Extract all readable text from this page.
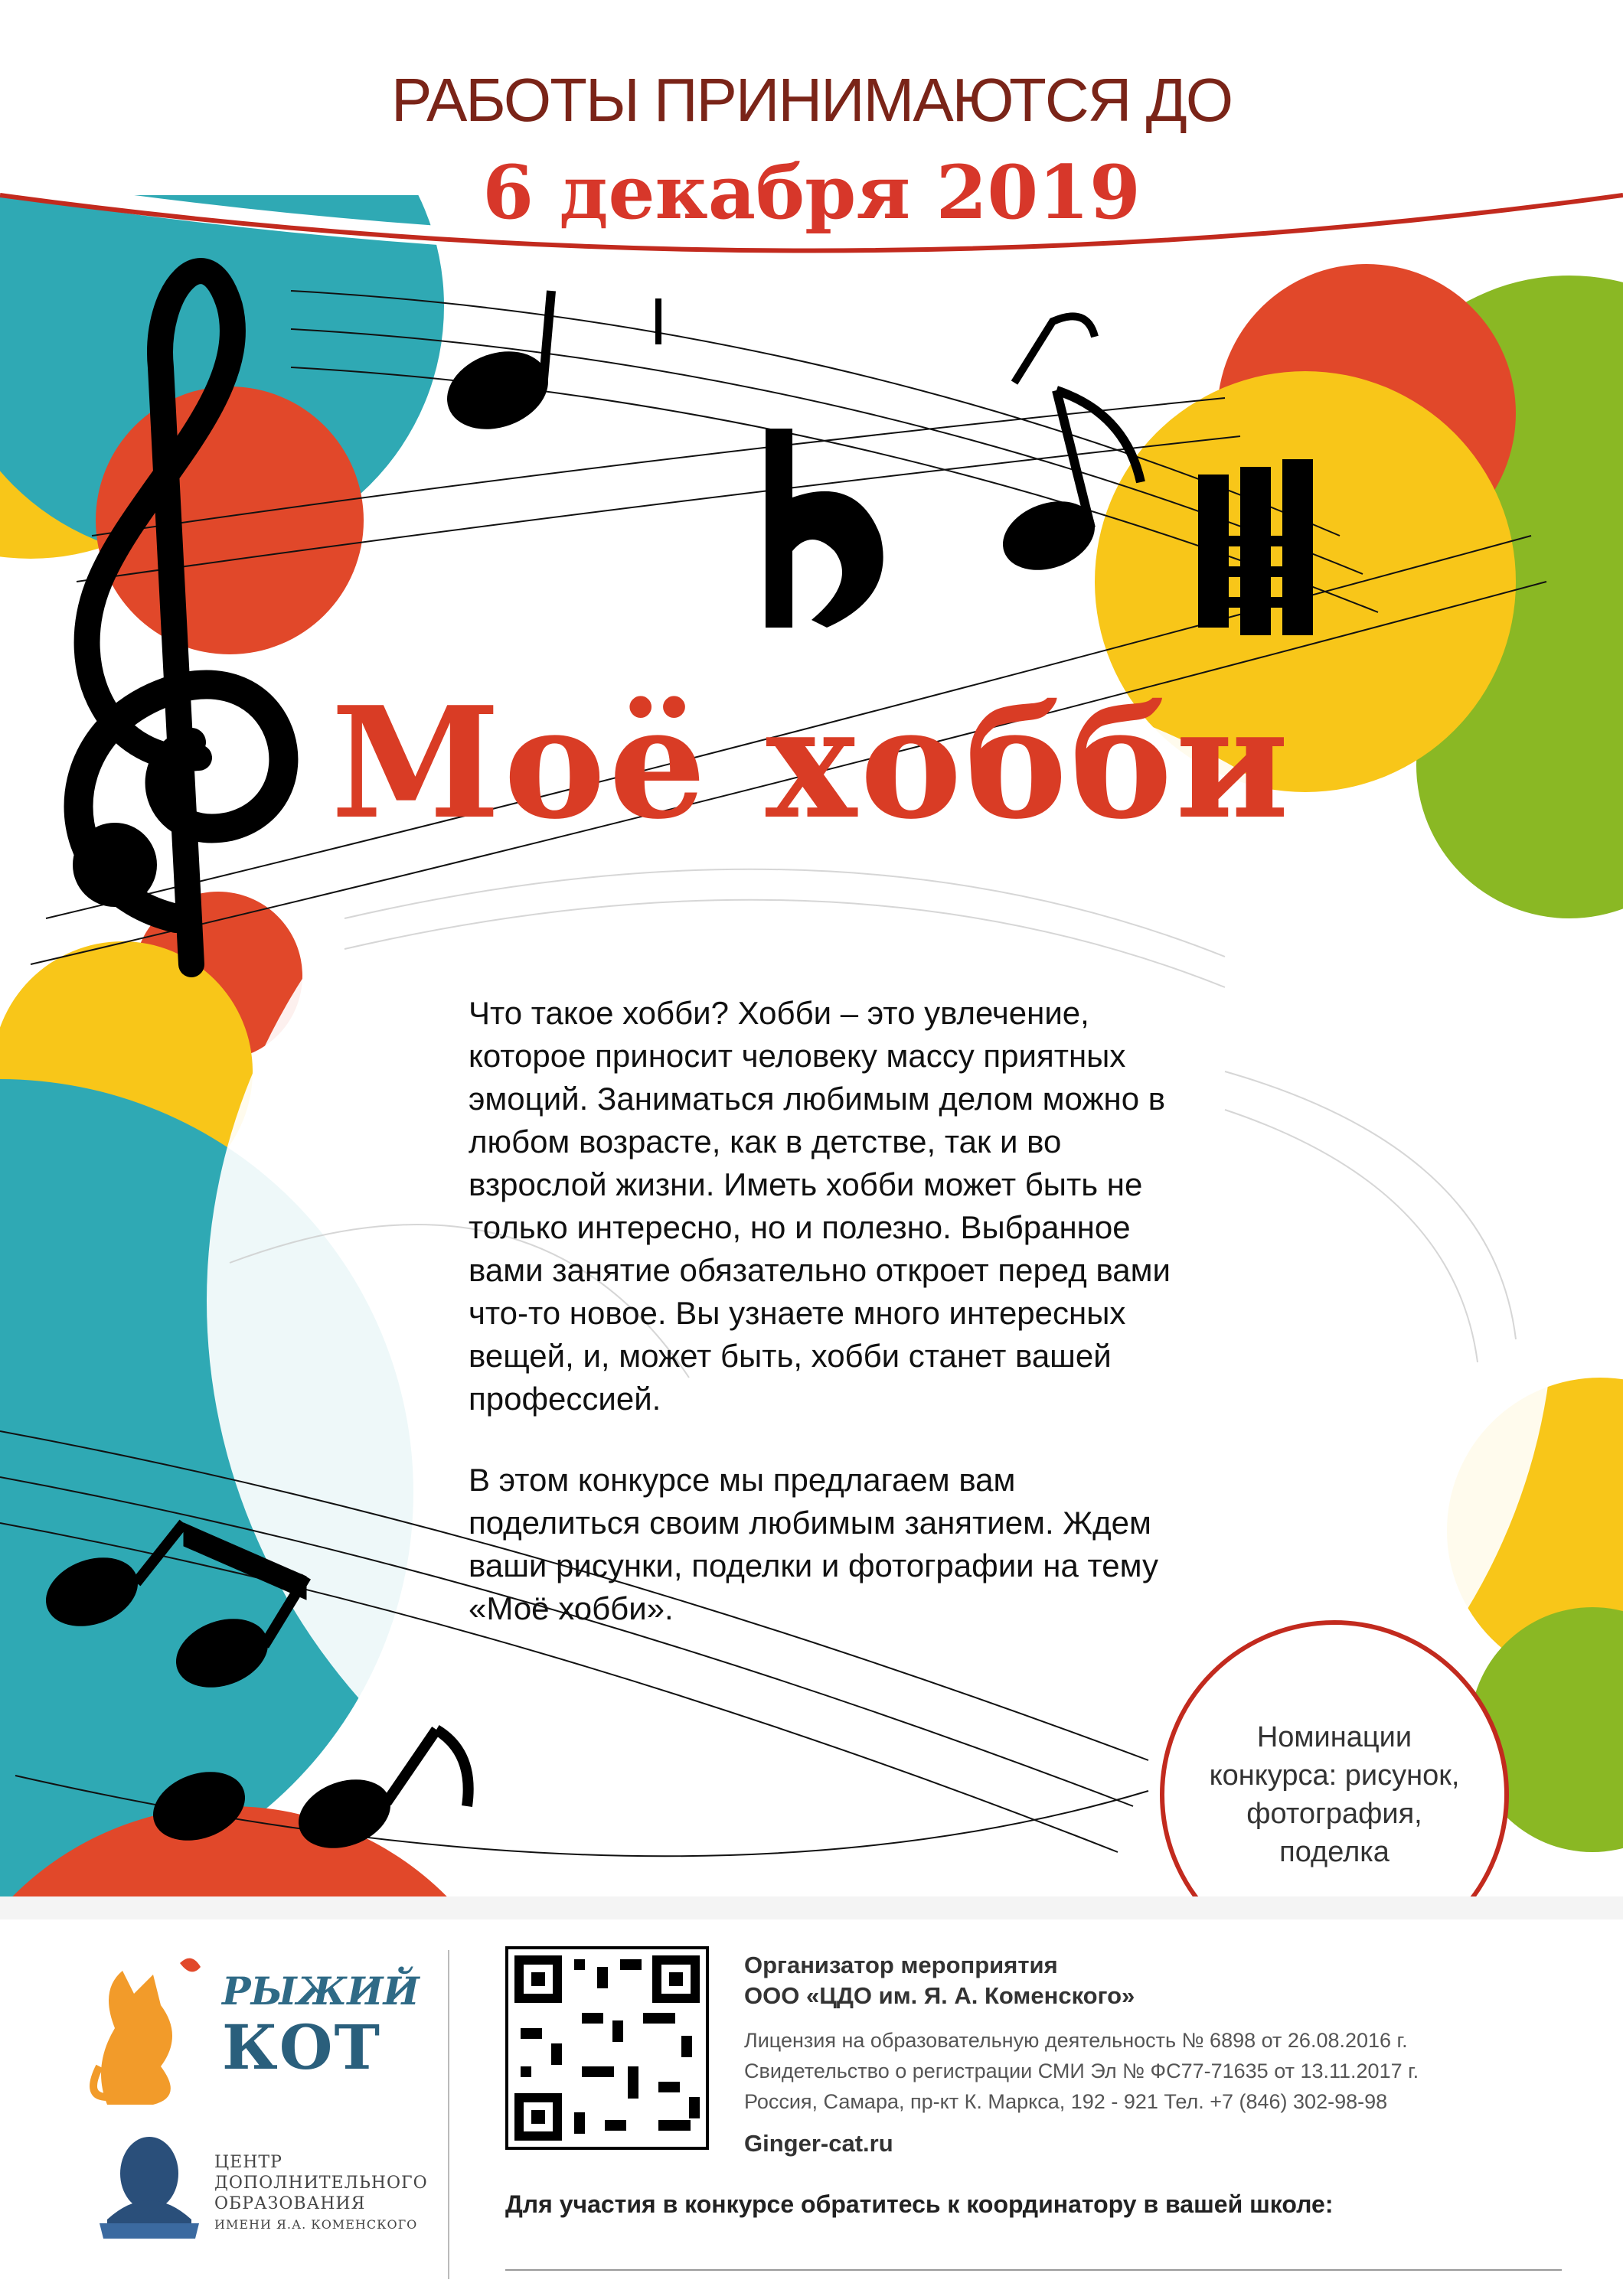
РАБОТЫ ПРИНИМАЮТСЯ ДО
6 декабря 2019
Моё хобби
Что такое хобби? Хобби – это увлечение,
которое приносит человеку массу приятных
эмоций. Заниматься любимым делом можно в
любом возрасте, как в детстве, так и во
взрослой жизни. Иметь хобби может быть не
только интересно, но и полезно. Выбранное
вами занятие обязательно откроет перед вами
что-то новое. Вы узнаете много интересных
вещей, и, может быть, хобби станет вашей
профессией.
В этом конкурсе мы предлагаем вам
поделиться своим любимым занятием. Ждем
ваши рисунки, поделки и фотографии на тему
«Моё хобби».
Номинации
конкурса: рисунок,
фотография,
поделка
РЫЖИЙ
КОТ
ЦЕНТР
ДОПОЛНИТЕЛЬНОГО
ОБРАЗОВАНИЯ
ИМЕНИ Я.А. КОМЕНСКОГО
Организатор мероприятия
ООО «ЦДО им. Я. А. Коменского»
Лицензия на образовательную деятельность № 6898 от 26.08.2016 г.
Свидетельство о регистрации СМИ Эл № ФС77-71635 от 13.11.2017 г.
Россия, Самара, пр-кт К. Маркса, 192 - 921 Тел. +7 (846) 302-98-98
Ginger-cat.ru
Для участия в конкурсе обратитесь к координатору в вашей школе:
